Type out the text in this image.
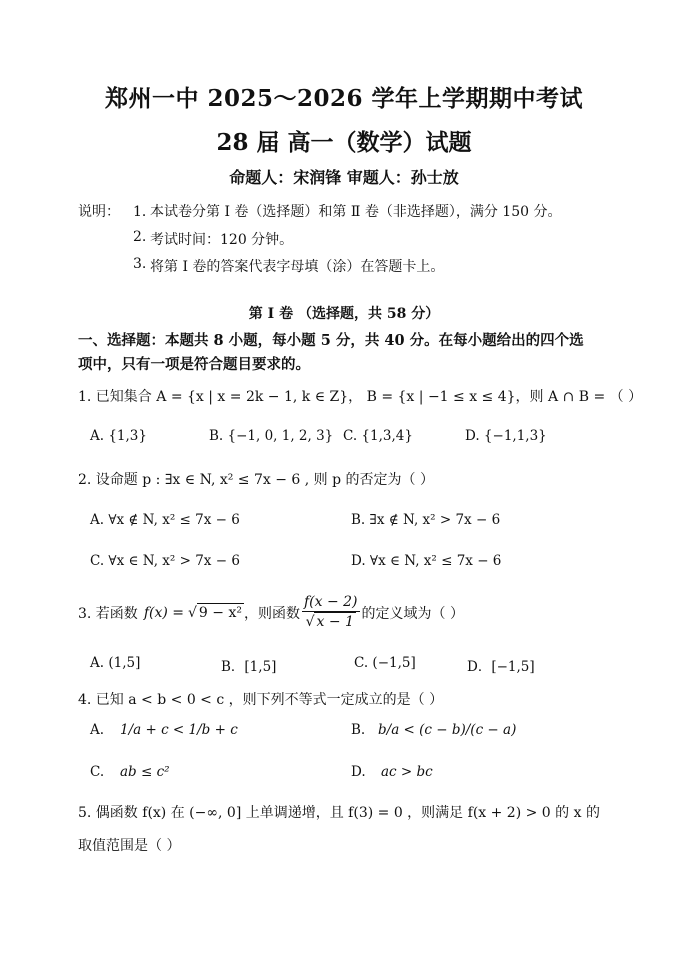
郑州一中 2025～2026 学年上学期期中考试
28 届 高一（数学）试题
命题人：宋润锋 审题人：孙士放
说明： 1．
本试卷分第 Ⅰ 卷（选择题）和第 Ⅱ 卷（非选择题），满分 150 分。
2. 考试时间：120 分钟。
3. 将第 Ⅰ 卷的答案代表字母填（涂）在答题卡上。
第 Ⅰ 卷 （选择题，共 58 分）
一、选择题：本题共 8 小题，每小题 5 分，共 40 分。在每小题给出的四个选
项中，只有一项是符合题目要求的。
1. 已知集合 A = {x | x = 2k − 1, k ∈ Z}， B = {x | −1 ≤ x ≤ 4}，则 A ∩ B = （ ）
A. {1,3}	B. {−1, 0, 1, 2, 3} C. {1,3,4}	D. {−1,1,3}
2. 设命题 p : ∃x ∈ N, x² ≤ 7x − 6 , 则 p 的否定为（ ）
A. ∀x ∉ N, x² ≤ 7x − 6	B. ∃x ∉ N, x² > 7x − 6
C. ∀x ∈ N, x² > 7x − 6	D. ∀x ∈ N, x² ≤ 7x − 6
3. 若函数 f(x) = √ 9 − x² ，则函数 $\frac{f(x - 2)}{√ x - 1}$ 的定义域为（ ）
A. (1,5]	B．[1,5]	C. (−1,5]	D．[−1,5]
4. 已知 a < b < 0 < c ，则下列不等式一定成立的是（ ）
A. 1/a + c < 1/b + c	B. b/a < (c − b)/(c − a)
C. ab ≤ c²	D. ac > bc
5. 偶函数 f(x) 在 (−∞, 0] 上单调递增，且 f(3) = 0 ，则满足 f(x + 2) > 0 的 x 的
取值范围是（ ）
